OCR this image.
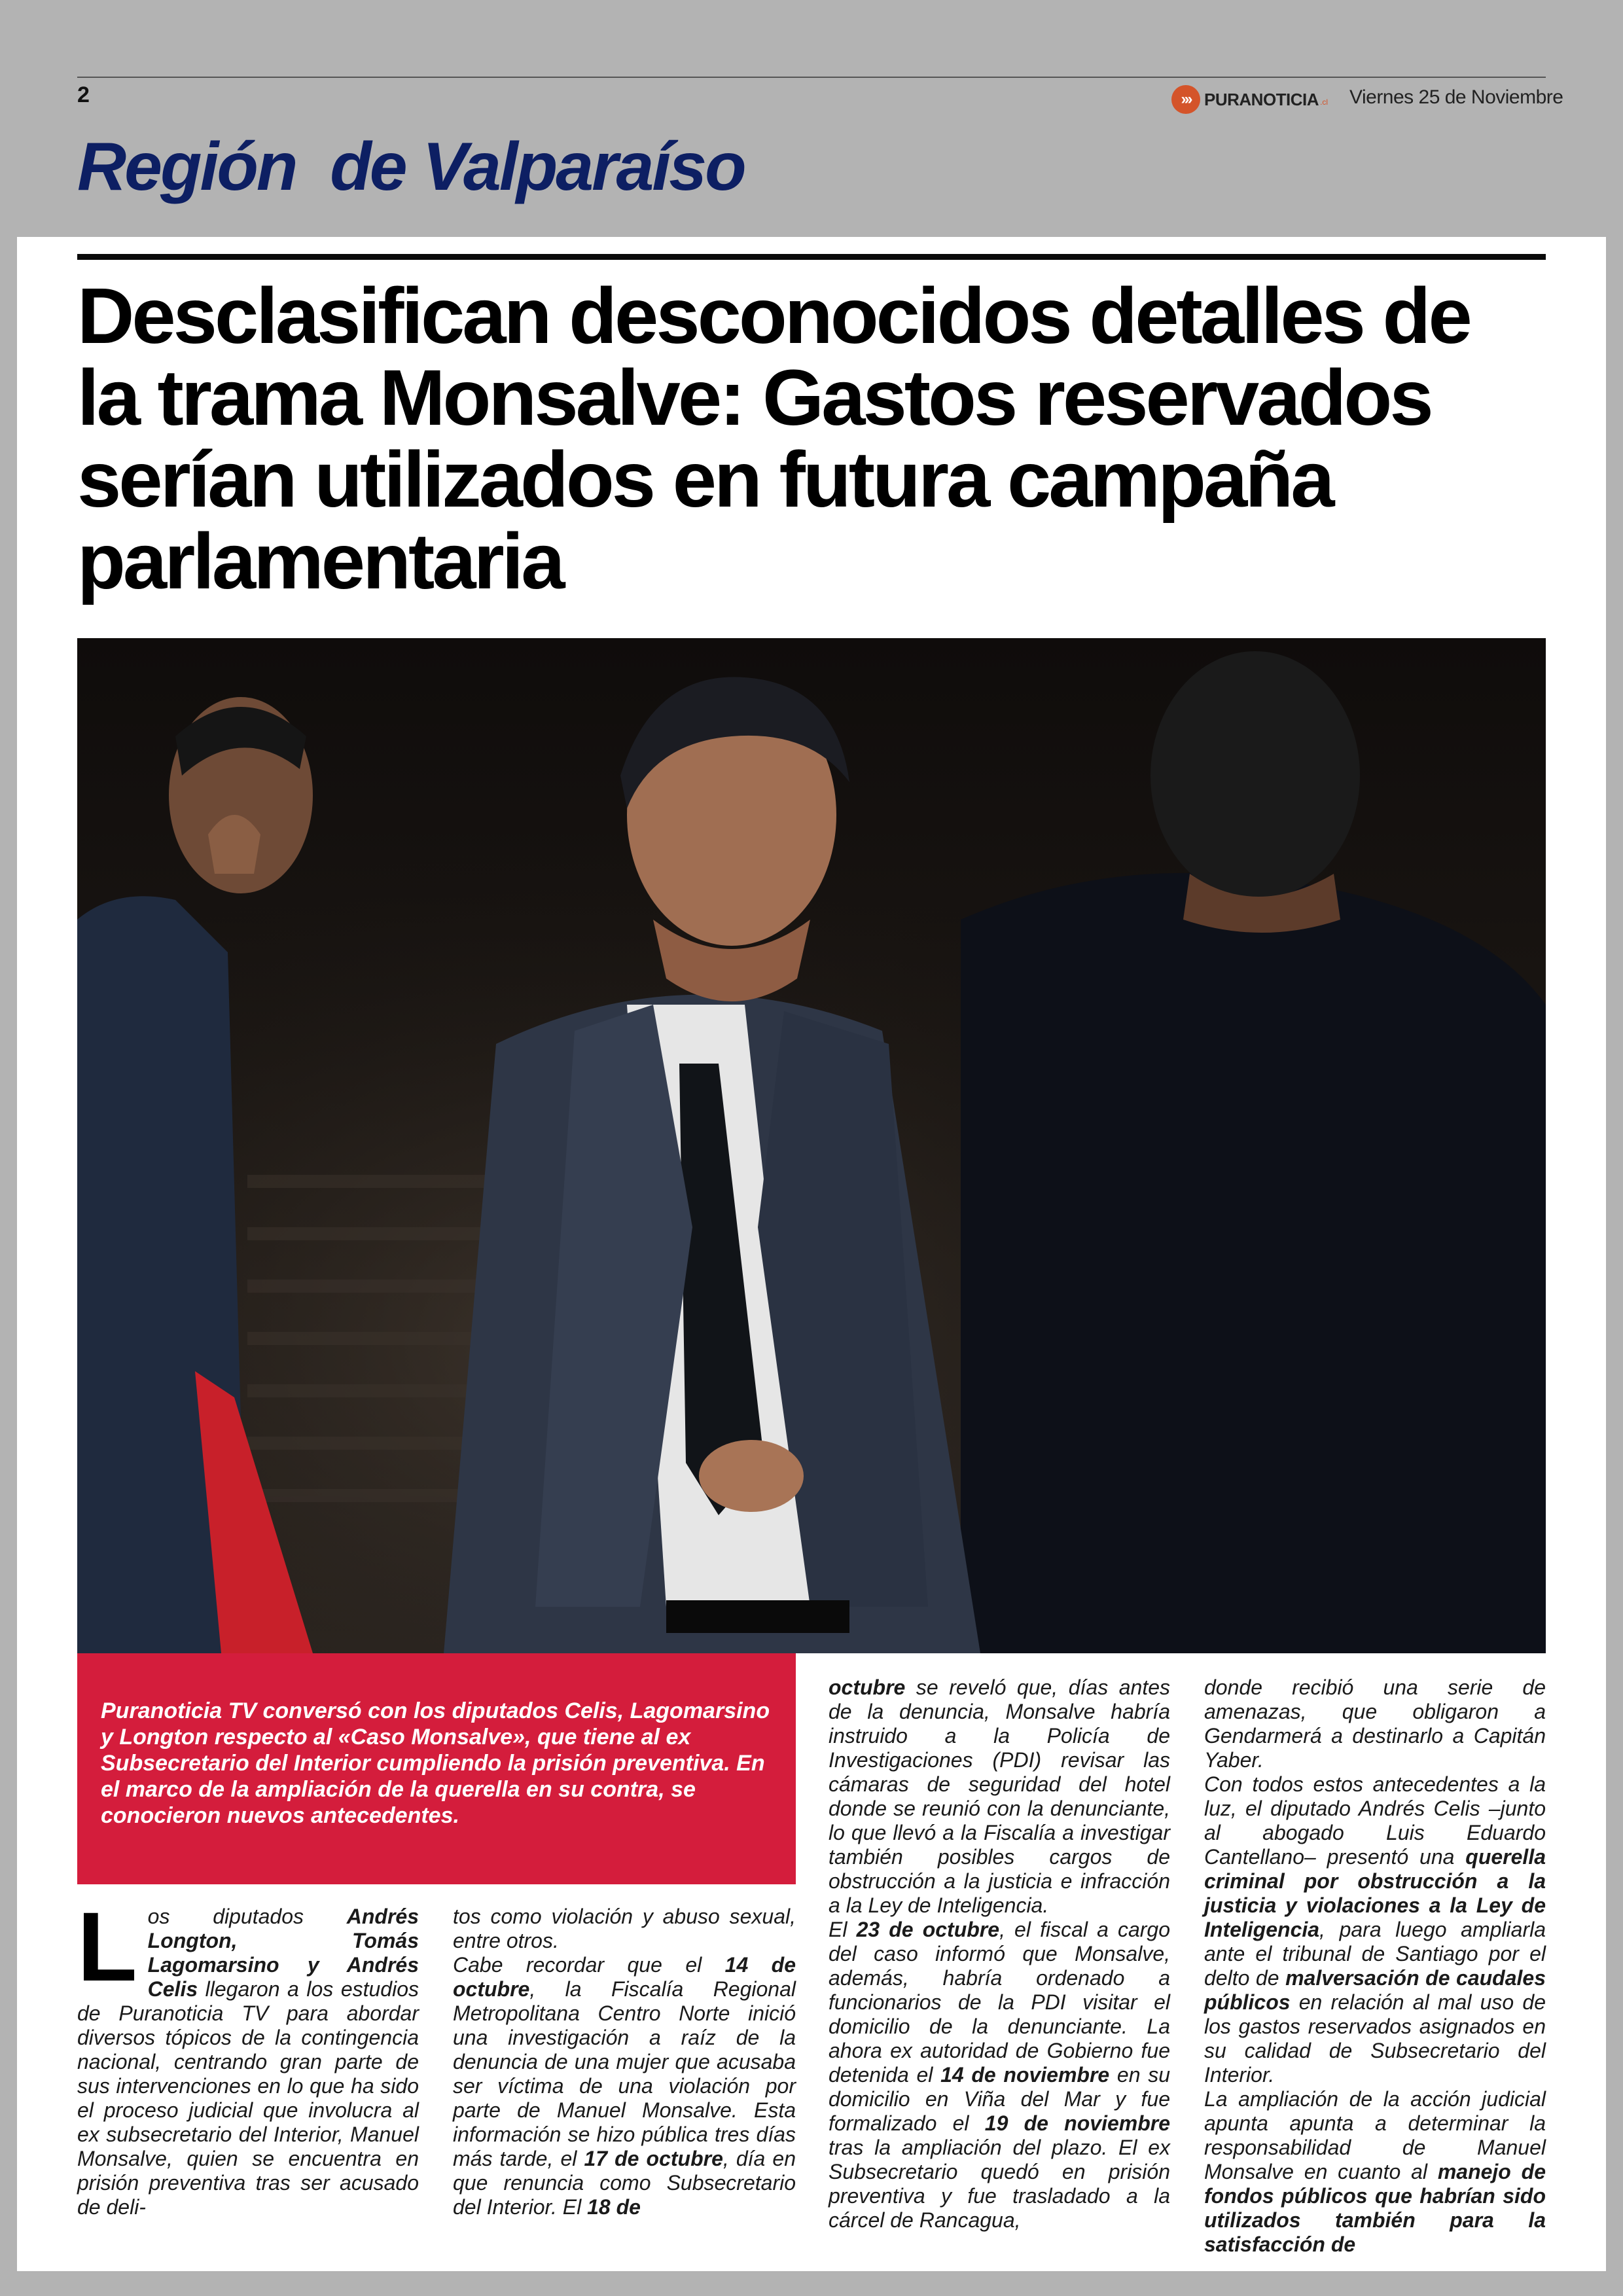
2	››› PURANOTICIA .cl Viernes 25 de Noviembre
Región  de Valparaíso
Desclasifican desconocidos detalles de la trama Monsalve: Gastos reservados serían utilizados en futura campaña parlamentaria

Puranoticia TV conversó con los diputados Celis, Lagomarsino y Longton respecto al «Caso Monsalve», que tiene al ex Subsecretario del Interior cumpliendo la prisión preventiva. En el marco de la ampliación de la querella en su contra, se conocieron nuevos antecedentes.

Los diputados Andrés Longton, Tomás Lagomarsino y Andrés Celis llegaron a los estudios de Puranoticia TV para abordar diversos tópicos de la contingencia nacional, centrando gran parte de sus intervenciones en lo que ha sido el proceso judicial que involucra al ex subsecretario del Interior, Manuel Monsalve, quien se encuentra en prisión preventiva tras ser acusado de deli-

tos como violación y abuso sexual, entre otros.

Cabe recordar que el 14 de octubre, la Fiscalía Regional Metropolitana Centro Norte inició una investigación a raíz de la denuncia de una mujer que acusaba ser víctima de una violación por parte de Manuel Monsalve. Esta información se hizo pública tres días más tarde, el 17 de octubre, día en que renuncia como Subsecretario del Interior. El 18 de

octubre se reveló que, días antes de la denuncia, Monsalve habría instruido a la Policía de Investigaciones (PDI) revisar las cámaras de seguridad del hotel donde se reunió con la denunciante, lo que llevó a la Fiscalía a investigar también posibles cargos de obstrucción a la justicia e infracción a la Ley de Inteligencia.

El 23 de octubre, el fiscal a cargo del caso informó que Monsalve, además, habría ordenado a funcionarios de la PDI visitar el domicilio de la denunciante. La ahora ex autoridad de Gobierno fue detenida el 14 de noviembre en su domicilio en Viña del Mar y fue formalizado el 19 de noviembre tras la ampliación del plazo. El ex Subsecretario quedó en prisión preventiva y fue trasladado a la cárcel de Rancagua,

donde recibió una serie de amenazas, que obligaron a Gendarmerá a destinarlo a Capitán Yaber.

Con todos estos antecedentes a la luz, el diputado Andrés Celis –junto al abogado Luis Eduardo Cantellano– presentó una querella criminal por obstrucción a la justicia y violaciones a la Ley de Inteligencia, para luego ampliarla ante el tribunal de Santiago por el delto de malversación de caudales públicos en relación al mal uso de los gastos reservados asignados en su calidad de Subsecretario del Interior.

La ampliación de la acción judicial apunta apunta a determinar la responsabilidad de Manuel Monsalve en cuanto al manejo de fondos públicos que habrían sido utilizados también para la satisfacción de
